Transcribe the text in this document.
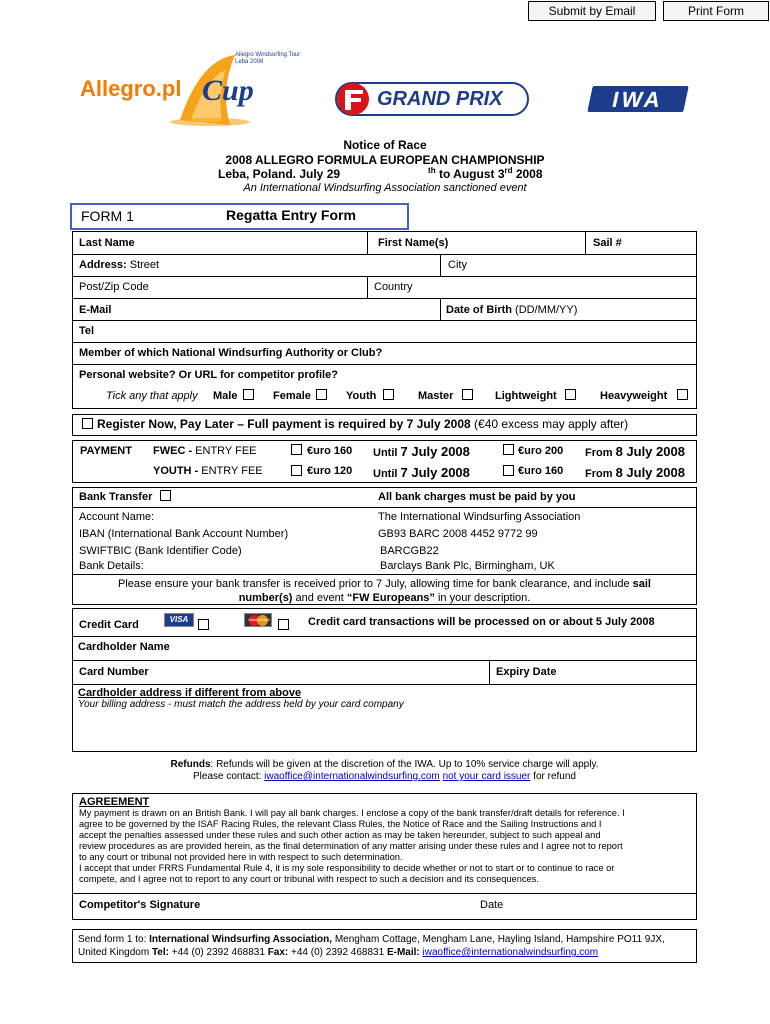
Submit by Email	Print Form
Allegro.pl Cup
Allegro Windsurfing Tour Leba 2008
GRAND PRIX	IWA
Notice of Race
2008 ALLEGRO FORMULA EUROPEAN CHAMPIONSHIP
Leba, Poland. July 29	$^{th}$ to August 3rd 2008
An International Windsurfing Association sanctioned event
FORM 1	Regatta Entry Form
Last Name	First Name(s)	Sail #
Address: Street	City
Post/Zip Code	Country
E-Mail	Date of Birth (DD/MM/YY)
Tel
Member of which National Windsurfing Authority or Club?
Personal website? Or URL for competitor profile?
Tick any that apply Male	Female	Youth	Master	Lightweight	Heavyweight
Register Now, Pay Later – Full payment is required by 7 July 2008 (€40 excess may apply after)
PAYMENT FWEC - ENTRY FEE	€uro 160 Until 7 July 2008	€uro 200 From 8 July 2008
YOUTH - ENTRY FEE	€uro 120 Until 7 July 2008	€uro 160 From 8 July 2008
Bank Transfer	All bank charges must be paid by you
Account Name:	The International Windsurfing Association
IBAN (International Bank Account Number)	GB93 BARC 2008 4452 9772 99
SWIFTBIC (Bank Identifier Code)	BARCGB22
Bank Details:	Barclays Bank Plc, Birmingham, UK
Please ensure your bank transfer is received prior to 7 July, allowing time for bank clearance, and include sail
number(s) and event “FW Europeans” in your description.
Credit Card	VISA	MasterCard	Credit card transactions will be processed on or about 5 July 2008
Cardholder Name
Card Number	Expiry Date
Cardholder address if different from above
Your billing address - must match the address held by your card company
Refunds: Refunds will be given at the discretion of the IWA. Up to 10% service charge will apply.
Please contact: iwaoffice@internationalwindsurfing.com not your card issuer for refund
AGREEMENT
My payment is drawn on an British Bank. I will pay all bank charges. I enclose a copy of the bank transfer/draft details for reference. I
agree to be governed by the ISAF Racing Rules, the relevant Class Rules, the Notice of Race and the Sailing Instructions and I
accept the penalties assessed under these rules and such other action as may be taken hereunder, subject to such appeal and
review procedures as are provided herein, as the final determination of any matter arising under these rules and I agree not to report
to any court or tribunal not provided here in with respect to such determination.
I accept that under FRRS Fundamental Rule 4, it is my sole responsibility to decide whether or not to start or to continue to race or
compete, and I agree not to report to any court or tribunal with respect to such a decision and its consequences.
Competitor's Signature	Date
Send form 1 to: International Windsurfing Association, Mengham Cottage, Mengham Lane, Hayling Island, Hampshire PO11 9JX,
United Kingdom Tel: +44 (0) 2392 468831 Fax: +44 (0) 2392 468831 E-Mail: iwaoffice@internationalwindsurfing.com
